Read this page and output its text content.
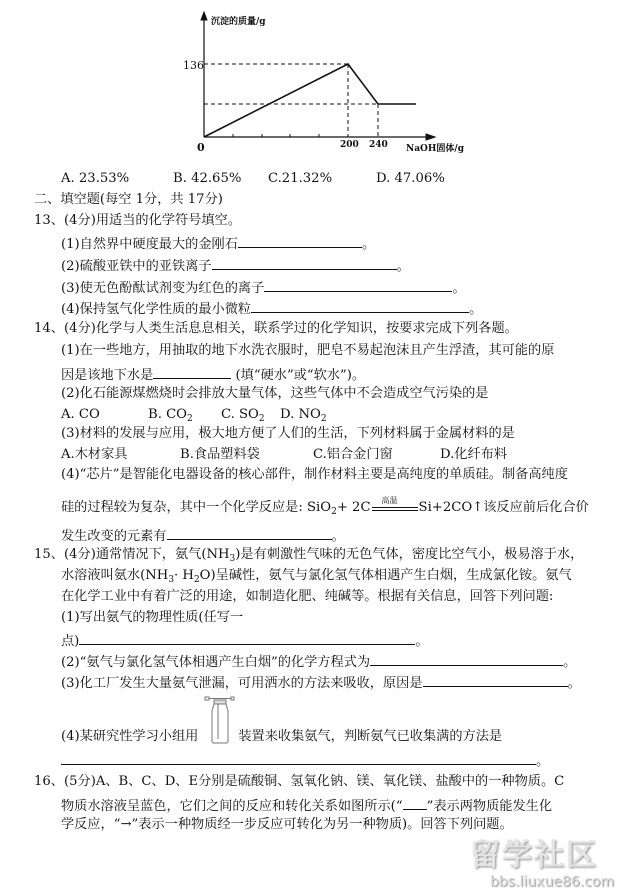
沉淀的质量/g
136
0	200 240 NaOH固体/g
A. 23.53%	B. 42.65% C.21.32%	D. 47.06%
二、填空题(每空 1分，共 17分)
13、(4分)用适当的化学符号填空。
(1)自然界中硬度最大的金刚石	。
(2)硫酸亚铁中的亚铁离子	。
(3)使无色酚酞试剂变为红色的离子	。
(4)保持氢气化学性质的最小微粒	。
14、(4分)化学与人类生活息息相关，联系学过的化学知识，按要求完成下列各题。
(1)在一些地方，用抽取的地下水洗衣服时，肥皂不易起泡沫且产生浮渣，其可能的原
因是该地下水是	(填“硬水”或“软水”)。
(2)化石能源煤燃烧时会排放大量气体，这些气体中不会造成空气污染的是
A. CO	B. $CO_2$ C. $SO_2$ D. $NO_2$
(3)材料的发展与应用，极大地方便了人们的生活，下列材料属于金属材料的是
A.木材家具	B.食品塑料袋	C.铝合金门窗	D.化纤布料
(4)“芯片”是智能化电器设备的核心部件，制作材料主要是高纯度的单质硅。制备高纯度
硅的过程较为复杂，其中一个化学反应是: SiO$_2$+ 2C 高温 Si+2CO↑该反应前后化合价
发生改变的元素有	。
15、(4分)通常情况下，氨气$(NH_3)$是有刺激性气味的无色气体，密度比空气小，极易溶于水，
水溶液叫氨水$(NH_3\cdot H_2O)$呈碱性，氨气与氯化氢气体相遇产生白烟，生成氯化铵。氨气
在化学工业中有着广泛的用途，如制造化肥、纯碱等。根据有关信息，回答下列问题:
(1)写出氨气的物理性质(任写一
点)	。
(2)“氨气与氯化氢气体相遇产生白烟”的化学方程式为	。
(3)化工厂发生大量氨气泄漏，可用洒水的方法来吸收，原因是	。
(4)某研究性学习小组用	装置来收集氨气，判断氨气已收集满的方法是
。
16、(5分)A、B、C、D、E分别是硫酸铜、氢氧化钠、镁、氧化镁、盐酸中的一种物质。C
物质水溶液呈蓝色，它们之间的反应和转化关系如图所示(“ ”表示两物质能发生化
学反应，“→”表示一种物质经一步反应可转化为另一种物质)。回答下列问题。
留学社区
bbs.liuxue86.com
